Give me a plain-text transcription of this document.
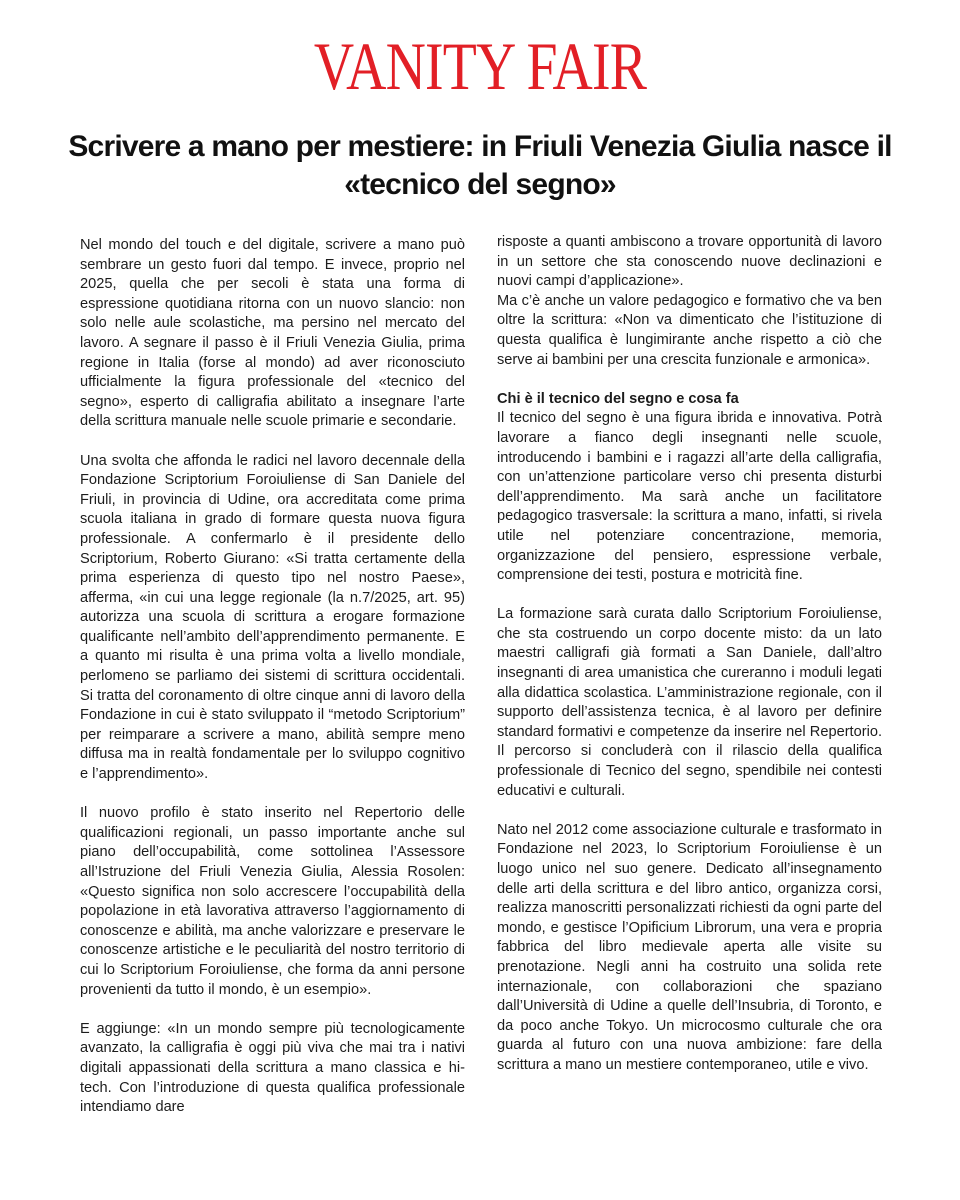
VANITY FAIR
Scrivere a mano per mestiere: in Friuli Venezia Giulia nasce il «tecnico del segno»

Nel mondo del touch e del digitale, scrivere a mano può sembrare un gesto fuori dal tempo. E invece, proprio nel 2025, quella che per secoli è stata una forma di espressione quotidiana ritorna con un nuovo slancio: non solo nelle aule scolastiche, ma persino nel mercato del lavoro. A segnare il passo è il Friuli Venezia Giulia, prima regione in Italia (forse al mondo) ad aver riconosciuto ufficialmente la figura professionale del «tecnico del segno», esperto di calligrafia abilitato a insegnare l’arte della scrittura manuale nelle scuole primarie e secondarie.

Una svolta che affonda le radici nel lavoro decennale della Fondazione Scriptorium Foroiuliense di San Daniele del Friuli, in provincia di Udine, ora accreditata come prima scuola italiana in grado di formare questa nuova figura professionale. A confermarlo è il presidente dello Scriptorium, Roberto Giurano: «Si tratta certamente della prima esperienza di questo tipo nel nostro Paese», afferma, «in cui una legge regionale (la n.7/2025, art. 95) autorizza una scuola di scrittura a erogare formazione qualificante nell’ambito dell’apprendimento permanente. E a quanto mi risulta è una prima volta a livello mondiale, perlomeno se parliamo dei sistemi di scrittura occidentali. Si tratta del coronamento di oltre cinque anni di lavoro della Fondazione in cui è stato sviluppato il “metodo Scriptorium” per reimparare a scrivere a mano, abilità sempre meno diffusa ma in realtà fondamentale per lo sviluppo cognitivo e l’apprendimento».

Il nuovo profilo è stato inserito nel Repertorio delle qualificazioni regionali, un passo importante anche sul piano dell’occupabilità, come sottolinea l’Assessore all’Istruzione del Friuli Venezia Giulia, Alessia Rosolen: «Questo significa non solo accrescere l’occupabilità della popolazione in età lavorativa attraverso l’aggiornamento di conoscenze e abilità, ma anche valorizzare e preservare le conoscenze artistiche e le peculiarità del nostro territorio di cui lo Scriptorium Foroiuliense, che forma da anni persone provenienti da tutto il mondo, è un esempio».

E aggiunge: «In un mondo sempre più tecnologicamente avanzato, la calligrafia è oggi più viva che mai tra i nativi digitali appassionati della scrittura a mano classica e hi-tech. Con l’introduzione di questa qualifica professionale intendiamo dare

risposte a quanti ambiscono a trovare opportunità di lavoro in un settore che sta conoscendo nuove declinazioni e nuovi campi d’applicazione».

Ma c’è anche un valore pedagogico e formativo che va ben oltre la scrittura: «Non va dimenticato che l’istituzione di questa qualifica è lungimirante anche rispetto a ciò che serve ai bambini per una crescita funzionale e armonica».

Chi è il tecnico del segno e cosa fa

Il tecnico del segno è una figura ibrida e innovativa. Potrà lavorare a fianco degli insegnanti nelle scuole, introducendo i bambini e i ragazzi all’arte della calligrafia, con un’attenzione particolare verso chi presenta disturbi dell’apprendimento. Ma sarà anche un facilitatore pedagogico trasversale: la scrittura a mano, infatti, si rivela utile nel potenziare concentrazione, memoria, organizzazione del pensiero, espressione verbale, comprensione dei testi, postura e motricità fine.

La formazione sarà curata dallo Scriptorium Foroiuliense, che sta costruendo un corpo docente misto: da un lato maestri calligrafi già formati a San Daniele, dall’altro insegnanti di area umanistica che cureranno i moduli legati alla didattica scolastica. L’amministrazione regionale, con il supporto dell’assistenza tecnica, è al lavoro per definire standard formativi e competenze da inserire nel Repertorio. Il percorso si concluderà con il rilascio della qualifica professionale di Tecnico del segno, spendibile nei contesti educativi e culturali.

Nato nel 2012 come associazione culturale e trasformato in Fondazione nel 2023, lo Scriptorium Foroiuliense è un luogo unico nel suo genere. Dedicato all’insegnamento delle arti della scrittura e del libro antico, organizza corsi, realizza manoscritti personalizzati richiesti da ogni parte del mondo, e gestisce l’Opificium Librorum, una vera e propria fabbrica del libro medievale aperta alle visite su prenotazione. Negli anni ha costruito una solida rete internazionale, con collaborazioni che spaziano dall’Università di Udine a quelle dell’Insubria, di Toronto, e da poco anche Tokyo. Un microcosmo culturale che ora guarda al futuro con una nuova ambizione: fare della scrittura a mano un mestiere contemporaneo, utile e vivo.
